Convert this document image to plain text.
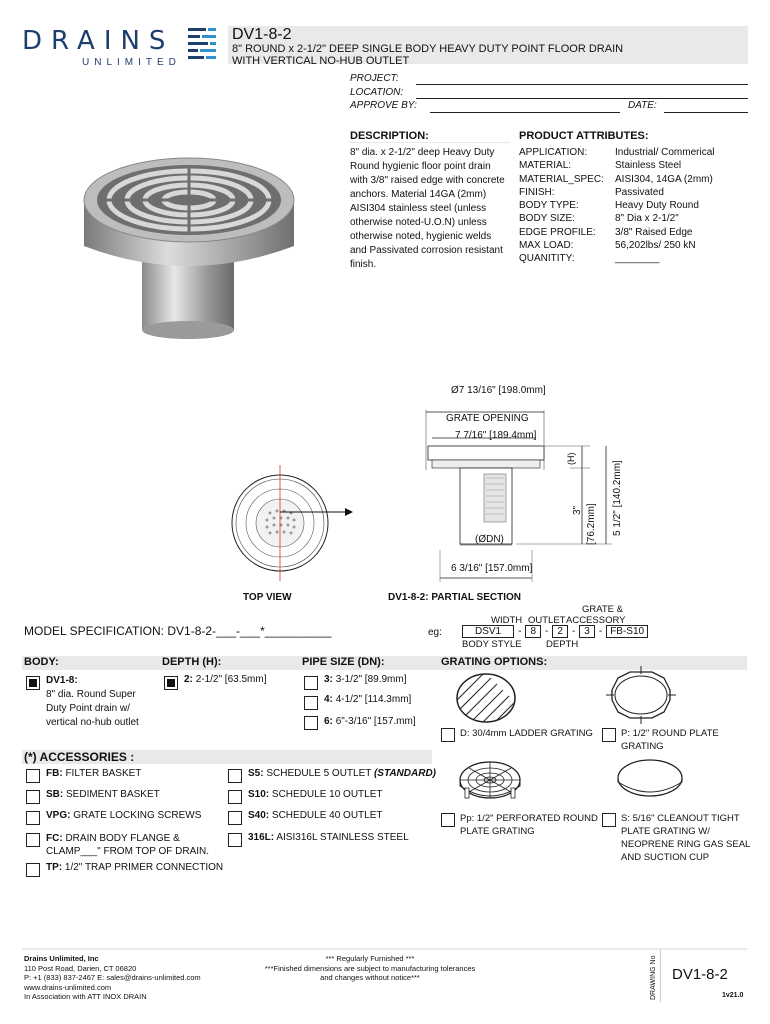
DRAINS
UNLIMITED
DV1-8-2
8" ROUND x 2-1/2" DEEP SINGLE BODY HEAVY DUTY POINT FLOOR DRAIN
WITH VERTICAL NO-HUB OUTLET
PROJECT:
LOCATION:
APPROVE BY:	DATE:
DESCRIPTION:
8" dia. x 2-1/2" deep Heavy Duty
Round hygienic floor point drain
with 3/8" raised edge with concrete
anchors. Material 14GA (2mm)
AISI304 stainless steel (unless
otherwise noted-U.O.N) unless
otherwise noted, hygienic welds
and Passivated corrosion resistant
finish.
PRODUCT ATTRIBUTES:
APPLICATION:	Industrial/ Commerical
MATERIAL:	Stainless Steel
MATERIAL_SPEC:	AISI304, 14GA (2mm)
FINISH:	Passivated
BODY TYPE:	Heavy Duty Round
BODY SIZE:	8" Dia x 2-1/2"
EDGE PROFILE:	3/8" Raised Edge
MAX LOAD:	56,202lbs/ 250 kN
QUANITITY:	________
TOP VIEW
Ø7 13/16" [198.0mm]
GRATE OPENING
7 7/16" [189.4mm]
(H)
3" [76.2mm] 5 1/2" [140.2mm]
(ØDN)
6 3/16" [157.0mm]
DV1-8-2: PARTIAL SECTION
MODEL SPECIFICATION: DV1-8-2-___-___*__________	eg:
GRATE &
WIDTH OUTLET ACCESSORY
DSV1	- 8 - 2 - 3 - FB-S10
BODY STYLE	DEPTH
BODY:	DEPTH (H):	PIPE SIZE (DN):	GRATING OPTIONS:
DV1-8:
8" dia. Round Super
Duty Point drain w/
vertical no-hub outlet
2: 2-1/2" [63.5mm]	3: 3-1/2" [89.9mm]
4: 4-1/2" [114.3mm]
6: 6"-3/16" [157.mm]
D: 30/4mm LADDER GRATING	P: 1/2" ROUND PLATE
GRATING
Pp: 1/2" PERFORATED ROUND
PLATE GRATING
S: 5/16" CLEANOUT TIGHT
PLATE GRATING W/
NEOPRENE RING GAS SEAL
AND SUCTION CUP
(*) ACCESSORIES :
FB: FILTER BASKET
SB: SEDIMENT BASKET
VPG: GRATE LOCKING SCREWS
FC: DRAIN BODY FLANGE &
CLAMP___" FROM TOP OF DRAIN.
TP: 1/2" TRAP PRIMER CONNECTION
S5: SCHEDULE 5 OUTLET (STANDARD)
S10: SCHEDULE 10 OUTLET
S40: SCHEDULE 40 OUTLET
316L: AISI316L STAINLESS STEEL
Drains Unlimited, Inc
110 Post Road, Darien, CT 06820
P: +1 (833) 837-2467 E: sales@drains-unlimited.com
www.drains-unlimited.com
In Association with ATT INOX DRAIN
*** Regularly Furnished ***
***Finished dimensions are subject to manufacturing tolerances
and changes without notice***	DRAWING No DV1-8-2
1v21.0
